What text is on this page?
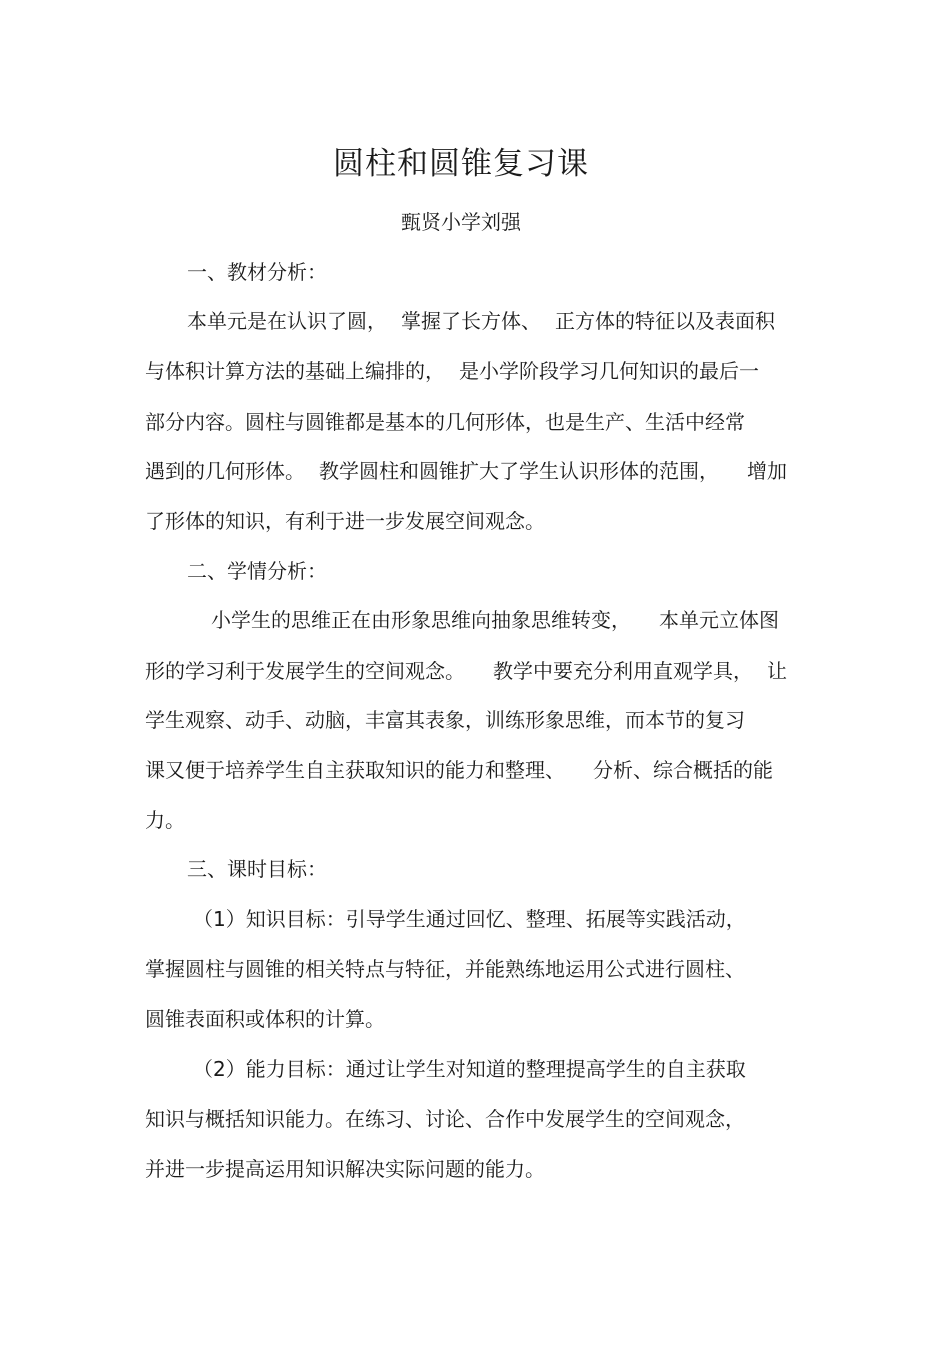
圆柱和圆锥复习课
甄贤小学刘强
一、教材分析：
本单元是在认识了圆， 掌握了长方体、 正方体的特征以及表面积
与体积计算方法的基础上编排的， 是小学阶段学习几何知识的最后一
部分内容。圆柱与圆锥都是基本的几何形体，也是生产、生活中经常
遇到的几何形体。 教学圆柱和圆锥扩大了学生认识形体的范围， 增加
了形体的知识，有利于进一步发展空间观念。
二、学情分析：
小学生的思维正在由形象思维向抽象思维转变， 本单元立体图
形的学习利于发展学生的空间观念。 教学中要充分利用直观学具， 让
学生观察、动手、动脑，丰富其表象，训练形象思维，而本节的复习
课又便于培养学生自主获取知识的能力和整理、 分析、综合概括的能
力。
三、课时目标：
（1）知识目标：引导学生通过回忆、整理、拓展等实践活动，
掌握圆柱与圆锥的相关特点与特征，并能熟练地运用公式进行圆柱、
圆锥表面积或体积的计算。
（2）能力目标：通过让学生对知道的整理提高学生的自主获取
知识与概括知识能力。在练习、讨论、合作中发展学生的空间观念，
并进一步提高运用知识解决实际问题的能力。
